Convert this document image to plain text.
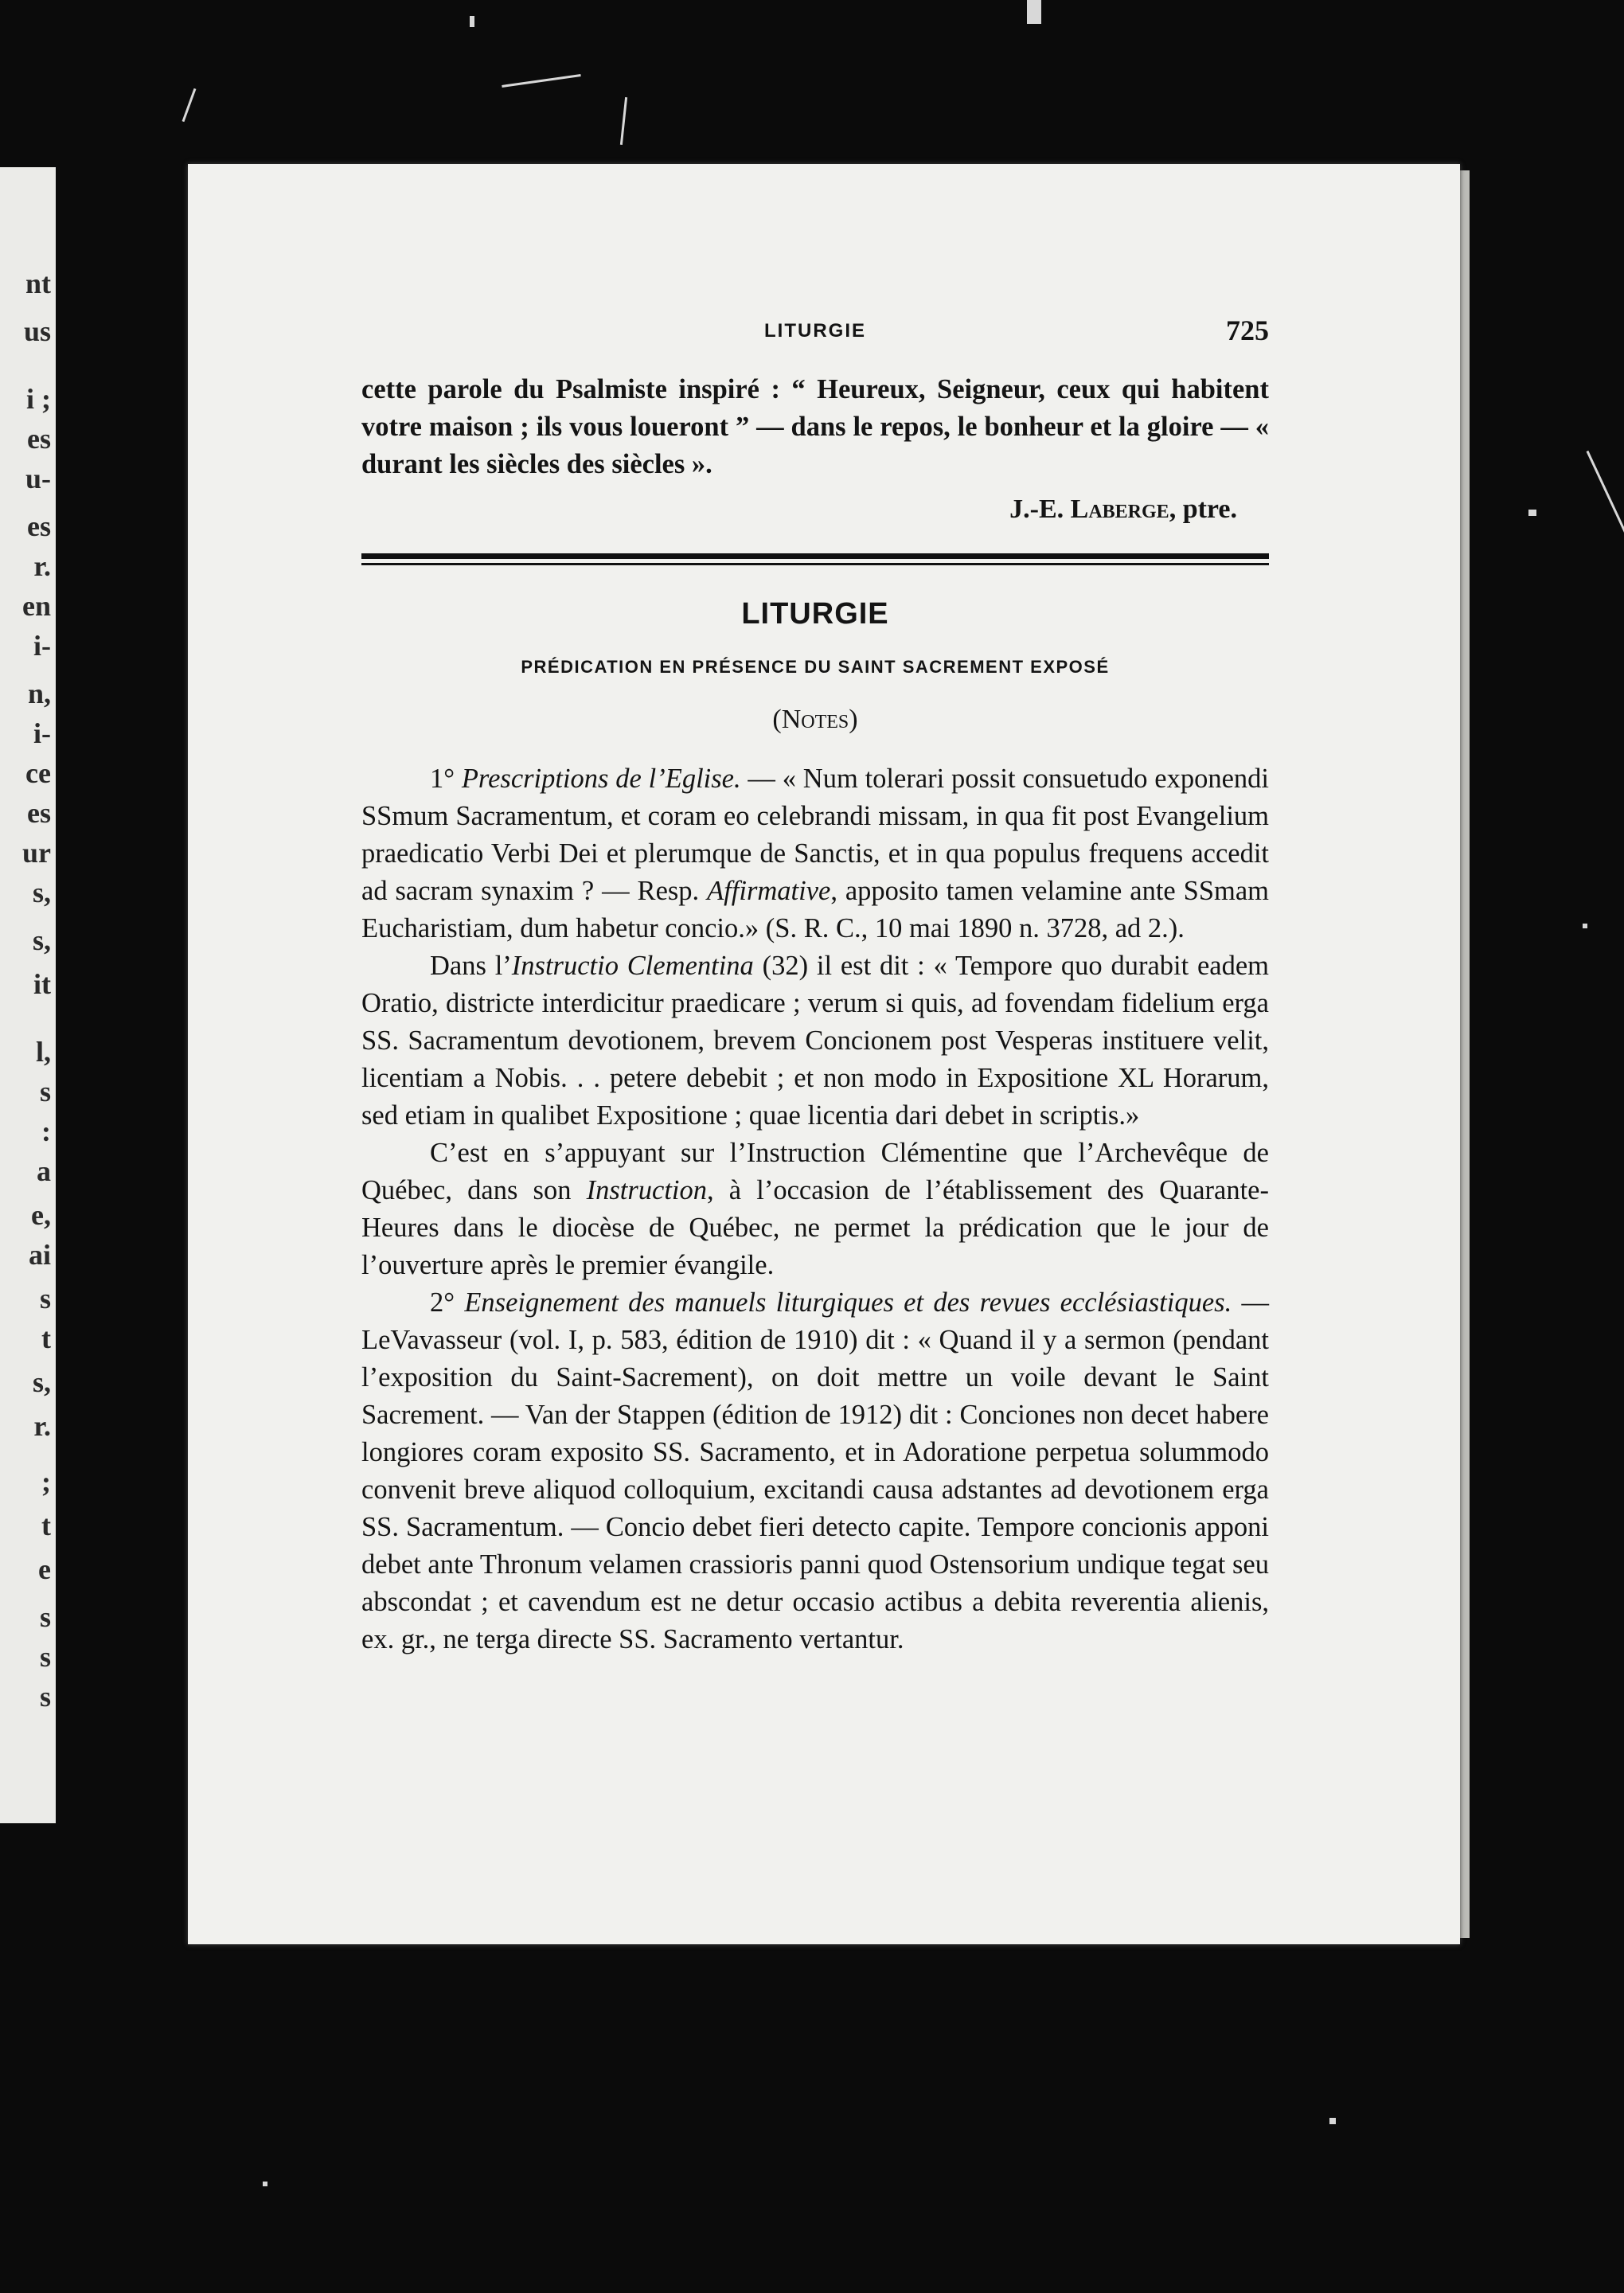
nt
us
i ;
es
u-
es
r.
en
i-
n,
i-
ce
es
ur
s,
s,
it
l,
s
:
a
e,
ai
s
t
s,
r.
;
t
e
s
s
s
LITURGIE	725

cette parole du Psalmiste inspiré : “ Heureux, Seigneur, ceux qui habitent votre maison ; ils vous loueront ” — dans le repos, le bonheur et la gloire — « durant les siècles des siècles ».

J.-E. Laberge, ptre.
LITURGIE
PRÉDICATION EN PRÉSENCE DU SAINT SACREMENT EXPOSÉ
(Notes)

1° Prescriptions de l’Eglise. — « Num tolerari possit consuetudo exponendi SSmum Sacramentum, et coram eo celebrandi missam, in qua fit post Evangelium praedicatio Verbi Dei et plerumque de Sanctis, et in qua populus frequens accedit ad sacram synaxim ? — Resp. Affirmative, apposito tamen velamine ante SSmam Eucharistiam, dum habetur concio.» (S. R. C., 10 mai 1890 n. 3728, ad 2.).

Dans l’Instructio Clementina (32) il est dit : « Tempore quo durabit eadem Oratio, districte interdicitur praedicare ; verum si quis, ad fovendam fidelium erga SS. Sacramentum devotionem, brevem Concionem post Vesperas instituere velit, licentiam a Nobis. . . petere debebit ; et non modo in Expositione XL Horarum, sed etiam in qualibet Expositione ; quae licentia dari debet in scriptis.»

C’est en s’appuyant sur l’Instruction Clémentine que l’Archevêque de Québec, dans son Instruction, à l’occasion de l’établissement des Quarante-Heures dans le diocèse de Québec, ne permet la prédication que le jour de l’ouverture après le premier évangile.

2° Enseignement des manuels liturgiques et des revues ecclésiastiques. — LeVavasseur (vol. I, p. 583, édition de 1910) dit : « Quand il y a sermon (pendant l’exposition du Saint-Sacrement), on doit mettre un voile devant le Saint Sacrement. — Van der Stappen (édition de 1912) dit : Conciones non decet habere longiores coram exposito SS. Sacramento, et in Adoratione perpetua solummodo convenit breve aliquod colloquium, excitandi causa adstantes ad devotionem erga SS. Sacramentum. — Concio debet fieri detecto capite. Tempore concionis apponi debet ante Thronum velamen crassioris panni quod Ostensorium undique tegat seu abscondat ; et cavendum est ne detur occasio actibus a debita reverentia alienis, ex. gr., ne terga directe SS. Sacramento vertantur.
